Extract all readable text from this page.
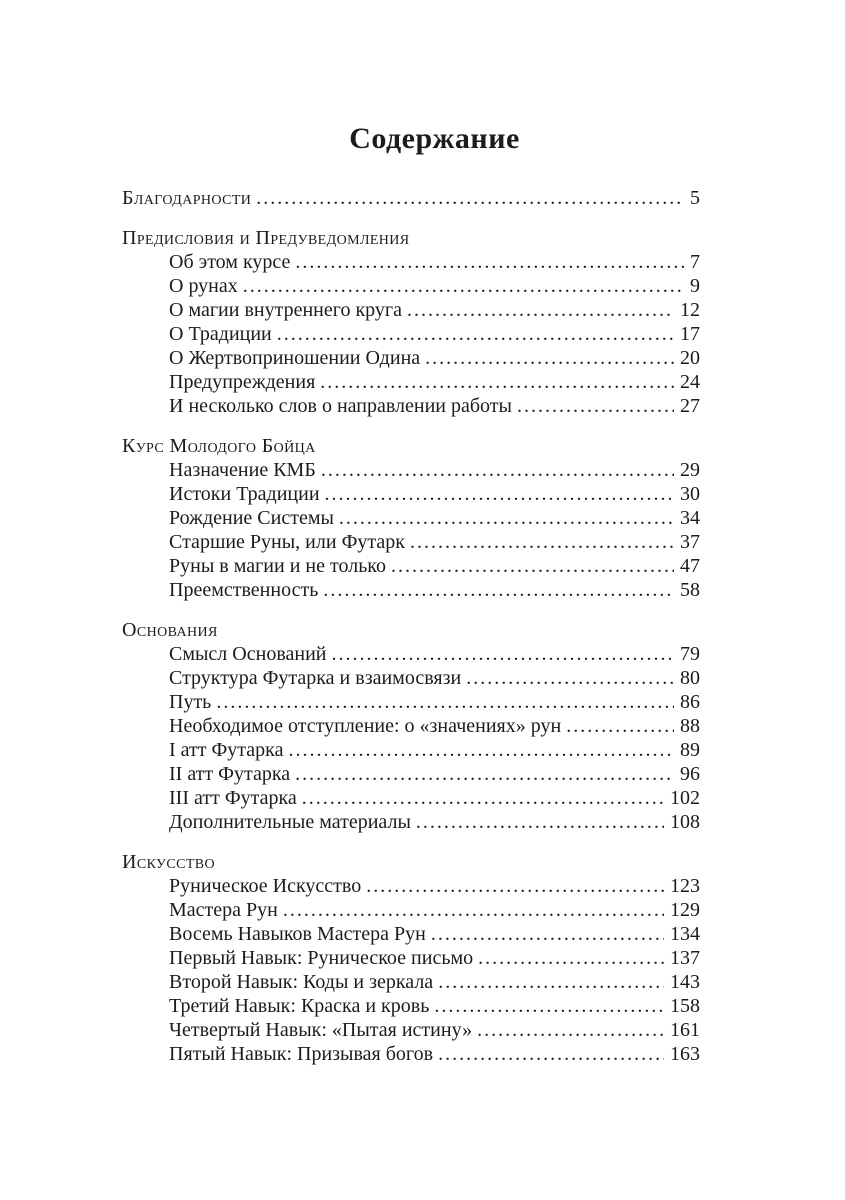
Содержание
Благодарности .....	5
Предисловия и Предуведомления
Об этом курсе .....	7
О рунах .....	9
О магии внутреннего круга .....	12
О Традиции .....	17
О Жертвоприношении Одина .....	20
Предупреждения .....	24
И несколько слов о направлении работы .....	27
Курс Молодого Бойца
Назначение КМБ .....	29
Истоки Традиции .....	30
Рождение Системы .....	34
Старшие Руны, или Футарк .....	37
Руны в магии и не только .....	47
Преемственность .....	58
Основания
Смысл Оснований .....	79
Структура Футарка и взаимосвязи .....	80
Путь .....	86
Необходимое отступление: о «значениях» рун .....	88
I атт Футарка .....	89
II атт Футарка .....	96
III атт Футарка .....	102
Дополнительные материалы .....	108
Искусство
Руническое Искусство .....	123
Мастера Рун .....	129
Восемь Навыков Мастера Рун .....	134
Первый Навык: Руническое письмо .....	137
Второй Навык: Коды и зеркала .....	143
Третий Навык: Краска и кровь .....	158
Четвертый Навык: «Пытая истину» .....	161
Пятый Навык: Призывая богов .....	163
